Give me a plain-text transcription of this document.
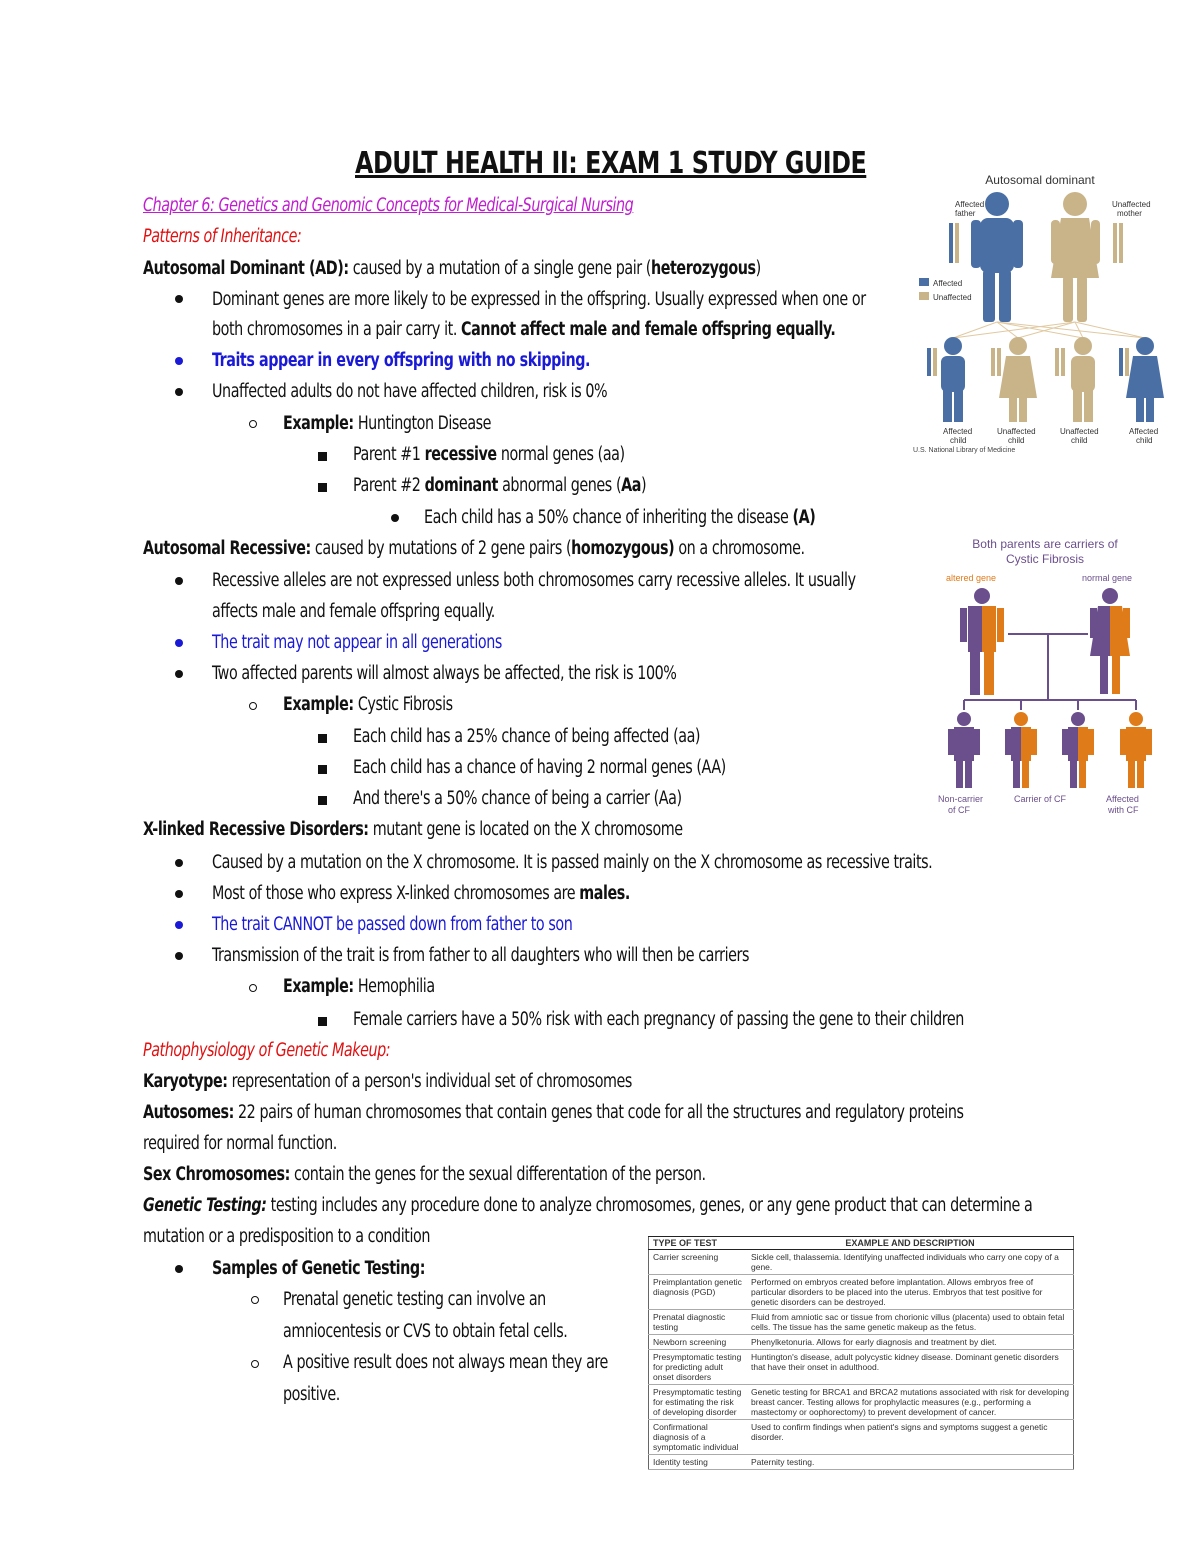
ADULT HEALTH II: EXAM 1 STUDY GUIDE
Chapter 6: Genetics and Genomic Concepts for Medical-Surgical Nursing
Patterns of Inheritance:
Autosomal Dominant (AD): caused by a mutation of a single gene pair (heterozygous)
Dominant genes are more likely to be expressed in the offspring. Usually expressed when one or
both chromosomes in a pair carry it. Cannot affect male and female offspring equally.
Traits appear in every offspring with no skipping.
Unaffected adults do not have affected children, risk is 0%
Example: Huntington Disease
Parent #1 recessive normal genes (aa)
Parent #2 dominant abnormal genes (Aa)
Each child has a 50% chance of inheriting the disease (A)
Autosomal Recessive: caused by mutations of 2 gene pairs (homozygous) on a chromosome.
Recessive alleles are not expressed unless both chromosomes carry recessive alleles. It usually
affects male and female offspring equally.
The trait may not appear in all generations
Two affected parents will almost always be affected, the risk is 100%
Example: Cystic Fibrosis
Each child has a 25% chance of being affected (aa)
Each child has a chance of having 2 normal genes (AA)
And there's a 50% chance of being a carrier (Aa)
X-linked Recessive Disorders: mutant gene is located on the X chromosome
Caused by a mutation on the X chromosome. It is passed mainly on the X chromosome as recessive traits.
Most of those who express X-linked chromosomes are males.
The trait CANNOT be passed down from father to son
Transmission of the trait is from father to all daughters who will then be carriers
Example: Hemophilia
Female carriers have a 50% risk with each pregnancy of passing the gene to their children
Pathophysiology of Genetic Makeup:
Karyotype: representation of a person's individual set of chromosomes
Autosomes: 22 pairs of human chromosomes that contain genes that code for all the structures and regulatory proteins
required for normal function.
Sex Chromosomes: contain the genes for the sexual differentation of the person.
Genetic Testing: testing includes any procedure done to analyze chromosomes, genes, or any gene product that can determine a
mutation or a predisposition to a condition
Samples of Genetic Testing:
Prenatal genetic testing can involve an
amniocentesis or CVS to obtain fetal cells.
A positive result does not always mean they are
positive.
Autosomal dominant
Affected
father
Unaffected
mother
Affected
Unaffected
Affected
child
Unaffected
child
Unaffected
child
Affected
child
U.S. National Library of Medicine
Both parents are carriers of
Cystic Fibrosis
altered gene	normal gene
Non-carrier
of CF
Carrier of CF	Affected
with CF
TYPE OF TEST	EXAMPLE AND DESCRIPTION
Carrier screening	Sickle cell, thalassemia. Identifying unaffected individuals who carry one copy of a gene.
Preimplantation genetic diagnosis (PGD)	Performed on embryos created before implantation. Allows embryos free of particular disorders to be placed into the uterus. Embryos that test positive for genetic disorders can be destroyed.
Prenatal diagnostic testing	Fluid from amniotic sac or tissue from chorionic villus (placenta) used to obtain fetal cells. The tissue has the same genetic makeup as the fetus.
Newborn screening	Phenylketonuria. Allows for early diagnosis and treatment by diet.
Presymptomatic testing for predicting adult onset disorders	Huntington's disease, adult polycystic kidney disease. Dominant genetic disorders that have their onset in adulthood.
Presymptomatic testing for estimating the risk of developing disorder	Genetic testing for BRCA1 and BRCA2 mutations associated with risk for developing breast cancer. Testing allows for prophylactic measures (e.g., performing a mastectomy or oophorectomy) to prevent development of cancer.
Confirmational diagnosis of a symptomatic individual	Used to confirm findings when patient's signs and symptoms suggest a genetic disorder.
Identity testing	Paternity testing.
